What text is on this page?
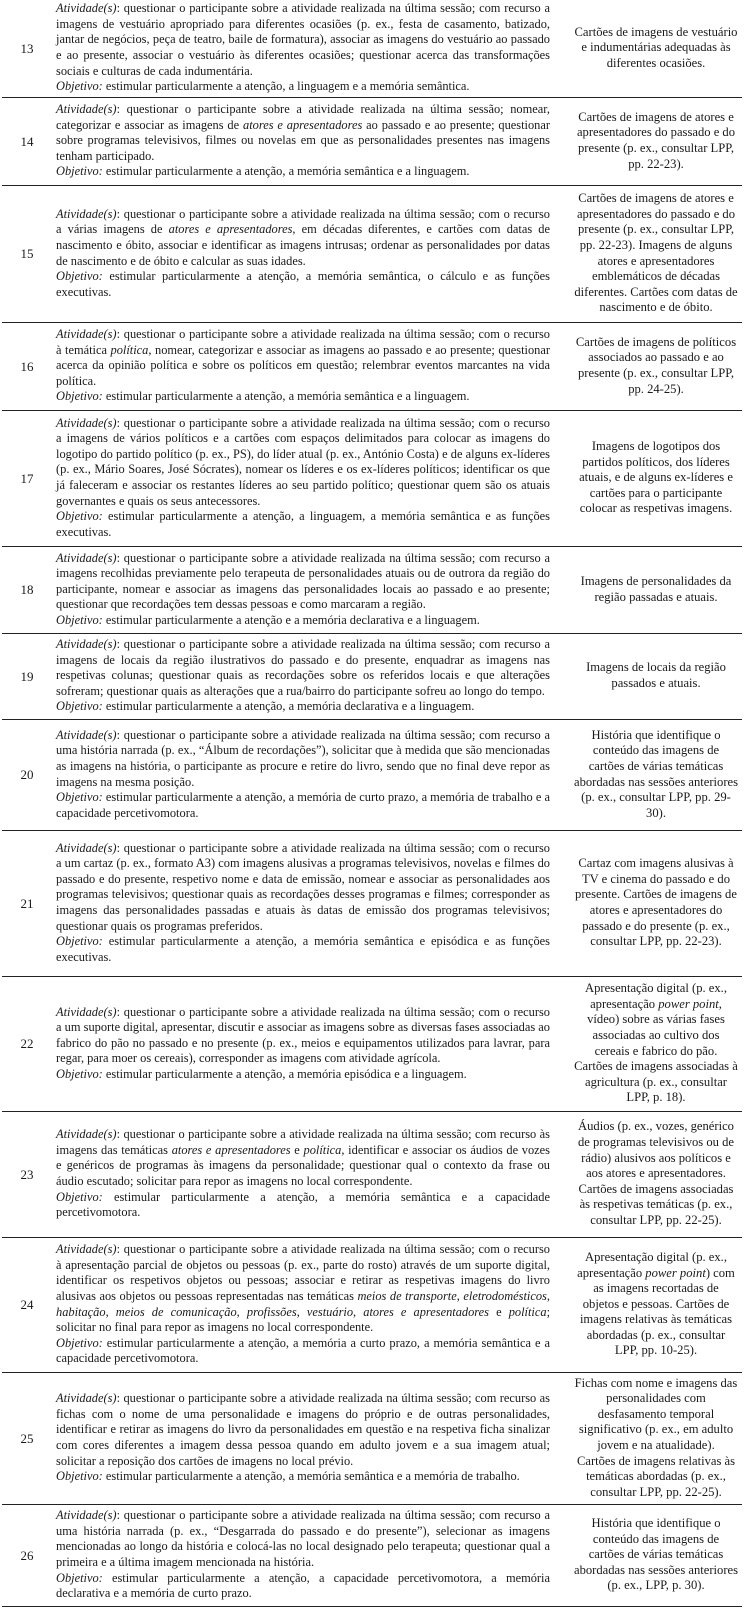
13
Atividade(s): questionar o participante sobre a atividade realizada na última sessão; com recurso a imagens de vestuário apropriado para diferentes ocasiões (p. ex., festa de casamento, batizado, jantar de negócios, peça de teatro, baile de formatura), associar as imagens do vestuário ao passado e ao presente, associar o vestuário às diferentes ocasiões; questionar acerca das transformações sociais e culturas de cada indumentária.
Objetivo: estimular particularmente a atenção, a linguagem e a memória semântica.
Cartões de imagens de vestuário e indumentárias adequadas às diferentes ocasiões.
14
Atividade(s): questionar o participante sobre a atividade realizada na última sessão; nomear, categorizar e associar as imagens de atores e apresentadores ao passado e ao presente; questionar sobre programas televisivos, filmes ou novelas em que as personalidades presentes nas imagens tenham participado.
Objetivo: estimular particularmente a atenção, a memória semântica e a linguagem.
Cartões de imagens de atores e apresentadores do passado e do presente (p. ex., consultar LPP, pp. 22-23).
15
Atividade(s): questionar o participante sobre a atividade realizada na última sessão; com o recurso a várias imagens de atores e apresentadores, em décadas diferentes, e cartões com datas de nascimento e óbito, associar e identificar as imagens intrusas; ordenar as personalidades por datas de nascimento e de óbito e calcular as suas idades.
Objetivo: estimular particularmente a atenção, a memória semântica, o cálculo e as funções executivas.
Cartões de imagens de atores e apresentadores do passado e do presente (p. ex., consultar LPP, pp. 22-23). Imagens de alguns atores e apresentadores emblemáticos de décadas diferentes. Cartões com datas de nascimento e de óbito.
16
Atividade(s): questionar o participante sobre a atividade realizada na última sessão; com o recurso à temática política, nomear, categorizar e associar as imagens ao passado e ao presente; questionar acerca da opinião política e sobre os políticos em questão; relembrar eventos marcantes na vida política.
Objetivo: estimular particularmente a atenção, a memória semântica e a linguagem.
Cartões de imagens de políticos associados ao passado e ao presente (p. ex., consultar LPP, pp. 24-25).
17
Atividade(s): questionar o participante sobre a atividade realizada na última sessão; com o recurso a imagens de vários políticos e a cartões com espaços delimitados para colocar as imagens do logotipo do partido político (p. ex., PS), do líder atual (p. ex., António Costa) e de alguns ex-líderes (p. ex., Mário Soares, José Sócrates), nomear os líderes e os ex-líderes políticos; identificar os que já faleceram e associar os restantes líderes ao seu partido político; questionar quem são os atuais governantes e quais os seus antecessores.
Objetivo: estimular particularmente a atenção, a linguagem, a memória semântica e as funções executivas.
Imagens de logotipos dos partidos políticos, dos líderes atuais, e de alguns ex-líderes e cartões para o participante colocar as respetivas imagens.
18
Atividade(s): questionar o participante sobre a atividade realizada na última sessão; com recurso a imagens recolhidas previamente pelo terapeuta de personalidades atuais ou de outrora da região do participante, nomear e associar as imagens das personalidades locais ao passado e ao presente; questionar que recordações tem dessas pessoas e como marcaram a região.
Objetivo: estimular particularmente a atenção e a memória declarativa e a linguagem.
Imagens de personalidades da região passadas e atuais.
19
Atividade(s): questionar o participante sobre a atividade realizada na última sessão; com recurso a imagens de locais da região ilustrativos do passado e do presente, enquadrar as imagens nas respetivas colunas; questionar quais as recordações sobre os referidos locais e que alterações sofreram; questionar quais as alterações que a rua/bairro do participante sofreu ao longo do tempo.
Objetivo: estimular particularmente a atenção, a memória declarativa e a linguagem.
Imagens de locais da região passados e atuais.
20
Atividade(s): questionar o participante sobre a atividade realizada na última sessão; com recurso a uma história narrada (p. ex., “Álbum de recordações”), solicitar que à medida que são mencionadas as imagens na história, o participante as procure e retire do livro, sendo que no final deve repor as imagens na mesma posição.
Objetivo: estimular particularmente a atenção, a memória de curto prazo, a memória de trabalho e a capacidade percetivomotora.
História que identifique o conteúdo das imagens de cartões de várias temáticas abordadas nas sessões anteriores (p. ex., consultar LPP, pp. 29-30).
21
Atividade(s): questionar o participante sobre a atividade realizada na última sessão; com o recurso a um cartaz (p. ex., formato A3) com imagens alusivas a programas televisivos, novelas e filmes do passado e do presente, respetivo nome e data de emissão, nomear e associar as personalidades aos programas televisivos; questionar quais as recordações desses programas e filmes; corresponder as imagens das personalidades passadas e atuais às datas de emissão dos programas televisivos; questionar quais os programas preferidos.
Objetivo: estimular particularmente a atenção, a memória semântica e episódica e as funções executivas.
Cartaz com imagens alusivas à TV e cinema do passado e do presente. Cartões de imagens de atores e apresentadores do passado e do presente (p. ex., consultar LPP, pp. 22-23).
22
Atividade(s): questionar o participante sobre a atividade realizada na última sessão; com o recurso a um suporte digital, apresentar, discutir e associar as imagens sobre as diversas fases associadas ao fabrico do pão no passado e no presente (p. ex., meios e equipamentos utilizados para lavrar, para regar, para moer os cereais), corresponder as imagens com atividade agrícola.
Objetivo: estimular particularmente a atenção, a memória episódica e a linguagem.
Apresentação digital (p. ex., apresentação power point, vídeo) sobre as várias fases associadas ao cultivo dos cereais e fabrico do pão.
Cartões de imagens associadas à agricultura (p. ex., consultar LPP, p. 18).
23
Atividade(s): questionar o participante sobre a atividade realizada na última sessão; com recurso às imagens das temáticas atores e apresentadores e política, identificar e associar os áudios de vozes e genéricos de programas às imagens da personalidade; questionar qual o contexto da frase ou áudio escutado; solicitar para repor as imagens no local correspondente.
Objetivo: estimular particularmente a atenção, a memória semântica e a capacidade percetivomotora.
Áudios (p. ex., vozes, genérico de programas televisivos ou de rádio) alusivos aos políticos e aos atores e apresentadores.
Cartões de imagens associadas às respetivas temáticas (p. ex., consultar LPP, pp. 22-25).
24
Atividade(s): questionar o participante sobre a atividade realizada na última sessão; com o recurso à apresentação parcial de objetos ou pessoas (p. ex., parte do rosto) através de um suporte digital, identificar os respetivos objetos ou pessoas; associar e retirar as respetivas imagens do livro alusivas aos objetos ou pessoas representadas nas temáticas meios de transporte, eletrodomésticos, habitação, meios de comunicação, profissões, vestuário, atores e apresentadores e política; solicitar no final para repor as imagens no local correspondente.
Objetivo: estimular particularmente a atenção, a memória a curto prazo, a memória semântica e a capacidade percetivomotora.
Apresentação digital (p. ex., apresentação power point) com as imagens recortadas de objetos e pessoas. Cartões de imagens relativas às temáticas abordadas (p. ex., consultar LPP, pp. 10-25).
25
Atividade(s): questionar o participante sobre a atividade realizada na última sessão; com recurso as fichas com o nome de uma personalidade e imagens do próprio e de outras personalidades, identificar e retirar as imagens do livro da personalidades em questão e na respetiva ficha sinalizar com cores diferentes a imagem dessa pessoa quando em adulto jovem e a sua imagem atual; solicitar a reposição dos cartões de imagens no local prévio.
Objetivo: estimular particularmente a atenção, a memória semântica e a memória de trabalho.
Fichas com nome e imagens das personalidades com desfasamento temporal significativo (p. ex., em adulto jovem e na atualidade).
Cartões de imagens relativas às temáticas abordadas (p. ex., consultar LPP, pp. 22-25).
26
Atividade(s): questionar o participante sobre a atividade realizada na última sessão; com recurso a uma história narrada (p. ex., “Desgarrada do passado e do presente”), selecionar as imagens mencionadas ao longo da história e colocá-las no local designado pelo terapeuta; questionar qual a primeira e a última imagem mencionada na história.
Objetivo: estimular particularmente a atenção, a capacidade percetivomotora, a memória declarativa e a memória de curto prazo.
História que identifique o conteúdo das imagens de cartões de várias temáticas abordadas nas sessões anteriores (p. ex., LPP, p. 30).
